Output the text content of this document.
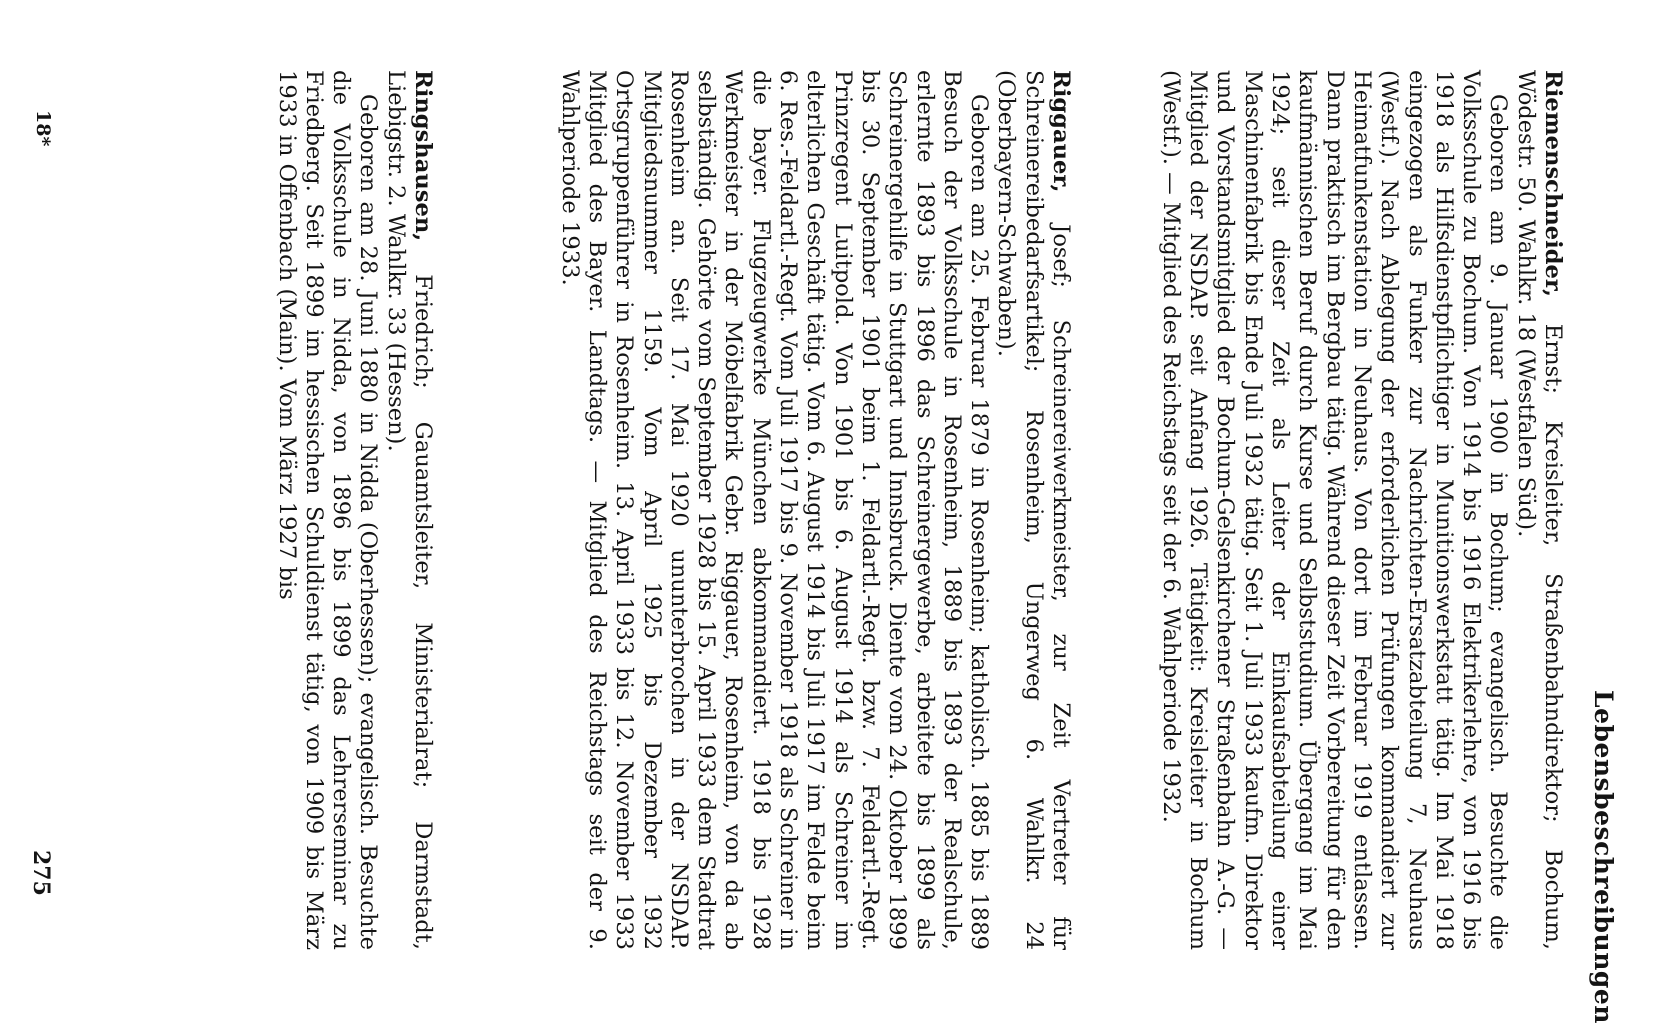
Lebensbeschreibungen

Riemenschneider, Ernst; Kreisleiter, Straßenbahndirektor; Bochum, Wödestr. 50. Wahlkr. 18 (Westfalen Süd).

Geboren am 9. Januar 1900 in Bochum; evangelisch. Besuchte die Volksschule zu Bochum. Von 1914 bis 1916 Elektrikerlehre, von 1916 bis 1918 als Hilfsdienstpflichtiger in Munitionswerkstatt tätig. Im Mai 1918 eingezogen als Funker zur Nachrichten-Ersatzabteilung 7, Neuhaus (Westf.). Nach Ablegung der erforderlichen Prüfungen kommandiert zur Heimatfunkenstation in Neuhaus. Von dort im Februar 1919 entlassen. Dann praktisch im Bergbau tätig. Während dieser Zeit Vorbereitung für den kaufmännischen Beruf durch Kurse und Selbststudium. Übergang im Mai 1924; seit dieser Zeit als Leiter der Einkaufsabteilung einer Maschinenfabrik bis Ende Juli 1932 tätig. Seit 1. Juli 1933 kaufm. Direktor und Vorstandsmitglied der Bochum-Gelsenkirchener Straßenbahn A.-G. — Mitglied der NSDAP. seit Anfang 1926. Tätigkeit: Kreisleiter in Bochum (Westf.). — Mitglied des Reichstags seit der 6. Wahlperiode 1932.

Riggauer, Josef; Schreinereiwerkmeister, zur Zeit Vertreter für Schreinereibedarfsartikel; Rosenheim, Ungerweg 6. Wahlkr. 24 (Oberbayern-Schwaben).

Geboren am 25. Februar 1879 in Rosenheim; katholisch. 1885 bis 1889 Besuch der Volksschule in Rosenheim, 1889 bis 1893 der Realschule, erlernte 1893 bis 1896 das Schreinergewerbe, arbeitete bis 1899 als Schreinergehilfe in Stuttgart und Innsbruck. Diente vom 24. Oktober 1899 bis 30. September 1901 beim 1. Feldartl.-Regt. bzw. 7. Feldartl.-Regt. Prinzregent Luitpold. Von 1901 bis 6. August 1914 als Schreiner im elterlichen Geschäft tätig. Vom 6. August 1914 bis Juli 1917 im Felde beim 6. Res.-Feldartl.-Regt. Vom Juli 1917 bis 9. November 1918 als Schreiner in die bayer. Flugzeugwerke München abkommandiert. 1918 bis 1928 Werkmeister in der Möbelfabrik Gebr. Riggauer, Rosenheim, von da ab selbständig. Gehörte vom September 1928 bis 15. April 1933 dem Stadtrat Rosenheim an. Seit 17. Mai 1920 ununterbrochen in der NSDAP. Mitgliedsnummer 1159. Vom April 1925 bis Dezember 1932 Ortsgruppenführer in Rosenheim. 13. April 1933 bis 12. November 1933 Mitglied des Bayer. Landtags. — Mitglied des Reichstags seit der 9. Wahlperiode 1933.

Ringshausen, Friedrich; Gauamtsleiter, Ministerialrat; Darmstadt, Liebigstr. 2. Wahlkr. 33 (Hessen).

Geboren am 28. Juni 1880 in Nidda (Oberhessen); evangelisch. Besuchte die Volksschule in Nidda, von 1896 bis 1899 das Lehrerseminar zu Friedberg. Seit 1899 im hessischen Schuldienst tätig, von 1909 bis März 1933 in Offenbach (Main). Vom März 1927 bis

18*
275
